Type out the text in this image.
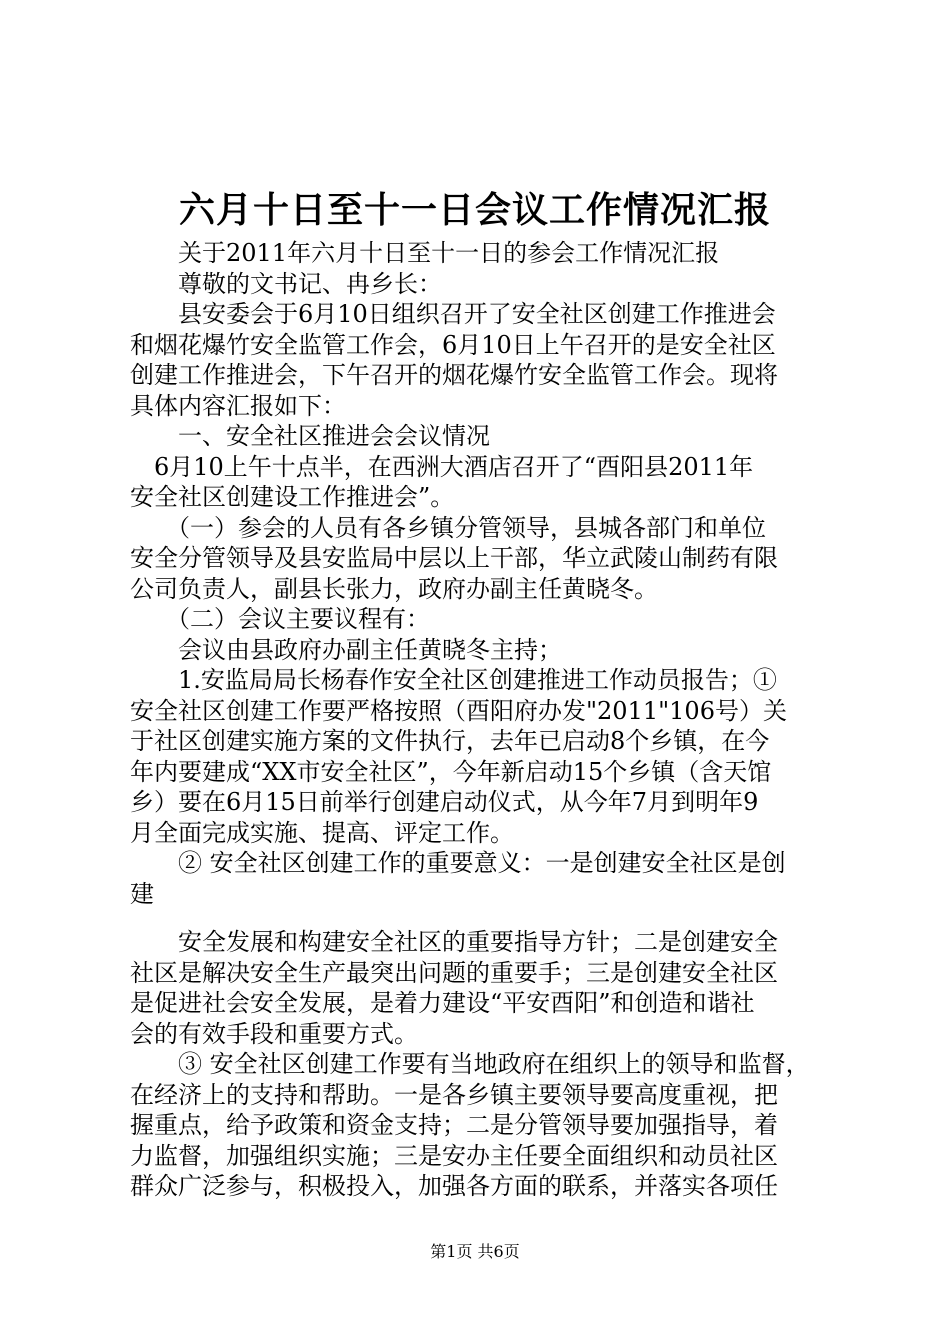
六月十日至十一日会议工作情况汇报
　　关于2011年六月十日至十一日的参会工作情况汇报
　　尊敬的文书记、冉乡长：
　　县安委会于6月10日组织召开了安全社区创建工作推进会
和烟花爆竹安全监管工作会，6月10日上午召开的是安全社区
创建工作推进会，下午召开的烟花爆竹安全监管工作会。现将
具体内容汇报如下：
　　一、安全社区推进会会议情况
　6月10上午十点半，在西洲大酒店召开了“酉阳县2011年
安全社区创建设工作推进会”。
　　（一）参会的人员有各乡镇分管领导，县城各部门和单位
安全分管领导及县安监局中层以上干部，华立武陵山制药有限
公司负责人，副县长张力，政府办副主任黄晓冬。
　　（二）会议主要议程有：
　　会议由县政府办副主任黄晓冬主持；
　　1.安监局局长杨春作安全社区创建推进工作动员报告；①
安全社区创建工作要严格按照（酉阳府办发"2011"106号）关
于社区创建实施方案的文件执行，去年已启动8个乡镇，在今
年内要建成“XX市安全社区”，今年新启动15个乡镇（含天馆
乡）要在6月15日前举行创建启动仪式，从今年7月到明年9
月全面完成实施、提高、评定工作。
　　② 安全社区创建工作的重要意义：一是创建安全社区是创
建
　　安全发展和构建安全社区的重要指导方针；二是创建安全
社区是解决安全生产最突出问题的重要手；三是创建安全社区
是促进社会安全发展，是着力建设“平安酉阳”和创造和谐社
会的有效手段和重要方式。
　　③ 安全社区创建工作要有当地政府在组织上的领导和监督，
在经济上的支持和帮助。一是各乡镇主要领导要高度重视，把
握重点，给予政策和资金支持；二是分管领导要加强指导，着
力监督，加强组织实施；三是安办主任要全面组织和动员社区
群众广泛参与，积极投入，加强各方面的联系，并落实各项任
第1页 共6页
